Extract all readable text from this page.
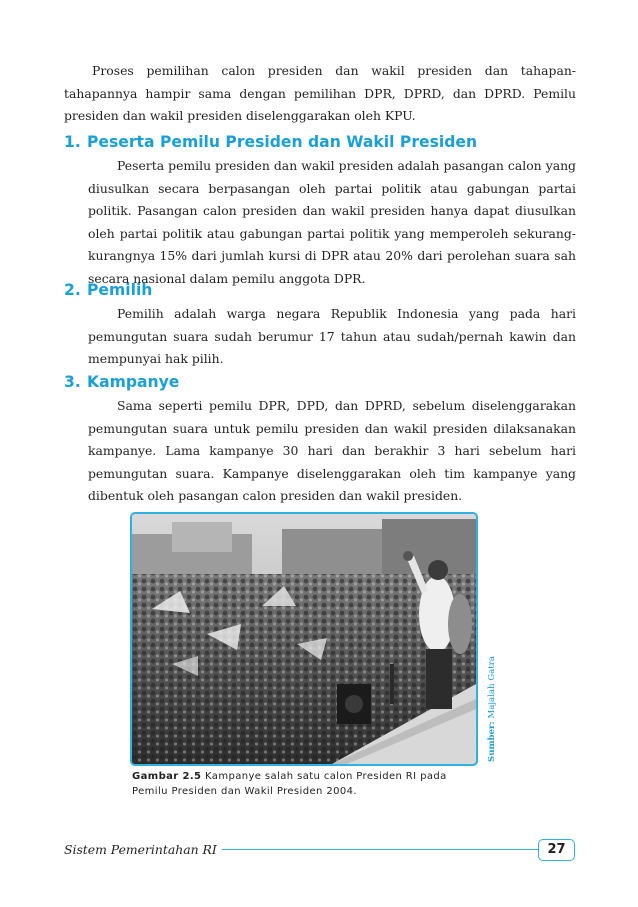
Proses pemilihan calon presiden dan wakil presiden dan tahapan-tahapannya hampir sama dengan pemilihan DPR, DPRD, dan DPRD. Pemilu presiden dan wakil presiden diselenggarakan oleh KPU.

1. Peserta Pemilu Presiden dan Wakil Presiden

Peserta pemilu presiden dan wakil presiden adalah pasangan calon yang diusulkan secara berpasangan oleh partai politik atau gabungan partai politik. Pasangan calon presiden dan wakil presiden hanya dapat diusulkan oleh partai politik atau gabungan partai politik yang memperoleh sekurang-kurangnya 15% dari jumlah kursi di DPR atau 20% dari perolehan suara sah secara nasional dalam pemilu anggota DPR.

2. Pemilih

Pemilih adalah warga negara Republik Indonesia yang pada hari pemungutan suara sudah berumur 17 tahun atau sudah/pernah kawin dan mempunyai hak pilih.

3. Kampanye

Sama seperti pemilu DPR, DPD, dan DPRD, sebelum diselenggarakan pemungutan suara untuk pemilu presiden dan wakil presiden dilaksanakan kampanye. Lama kampanye 30 hari dan berakhir 3 hari sebelum hari pemungutan suara. Kampanye diselenggarakan oleh tim kampanye yang dibentuk oleh pasangan calon presiden dan wakil presiden.

Sumber: Majalah Gatra

Gambar 2.5 Kampanye salah satu calon Presiden RI pada Pemilu Presiden dan Wakil Presiden 2004.

Sistem Pemerintahan RI	27
